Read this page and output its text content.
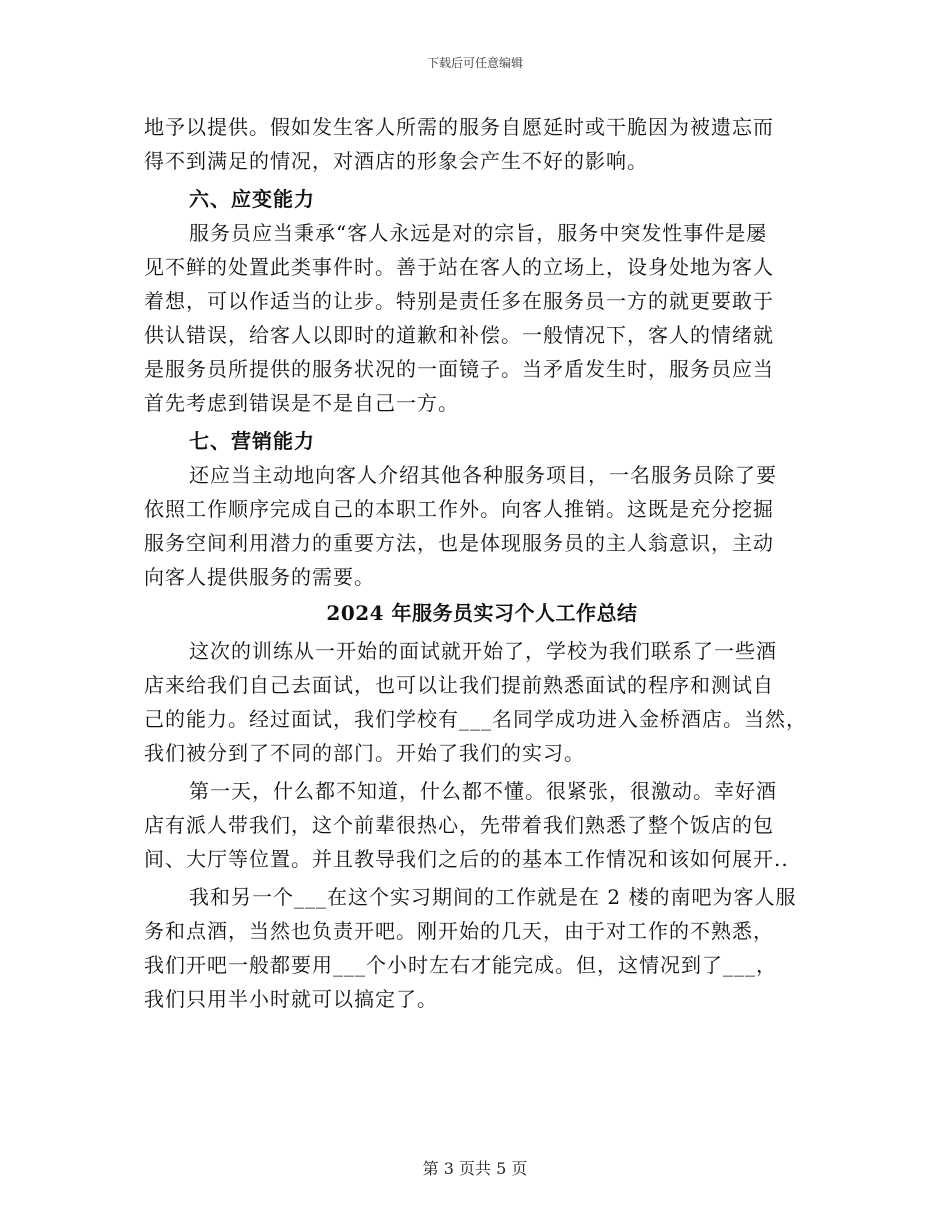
下载后可任意编辑
地予以提供。假如发生客人所需的服务自愿延时或干脆因为被遗忘而
得不到满足的情况，对酒店的形象会产生不好的影响。
六、应变能力
服务员应当秉承“客人永远是对的宗旨，服务中突发性事件是屡
见不鲜的处置此类事件时。善于站在客人的立场上，设身处地为客人
着想，可以作适当的让步。特别是责任多在服务员一方的就更要敢于
供认错误，给客人以即时的道歉和补偿。一般情况下，客人的情绪就
是服务员所提供的服务状况的一面镜子。当矛盾发生时，服务员应当
首先考虑到错误是不是自己一方。
七、营销能力
还应当主动地向客人介绍其他各种服务项目，一名服务员除了要
依照工作顺序完成自己的本职工作外。向客人推销。这既是充分挖掘
服务空间利用潜力的重要方法，也是体现服务员的主人翁意识，主动
向客人提供服务的需要。
2024 年服务员实习个人工作总结
这次的训练从一开始的面试就开始了，学校为我们联系了一些酒
店来给我们自己去面试，也可以让我们提前熟悉面试的程序和测试自
己的能力。经过面试，我们学校有___名同学成功进入金桥酒店。当然，
我们被分到了不同的部门。开始了我们的实习。
第一天，什么都不知道，什么都不懂。很紧张，很激动。幸好酒
店有派人带我们，这个前辈很热心，先带着我们熟悉了整个饭店的包
间、大厅等位置。并且教导我们之后的的基本工作情况和该如何展开..
我和另一个___在这个实习期间的工作就是在 2 楼的南吧为客人服
务和点酒，当然也负责开吧。刚开始的几天，由于对工作的不熟悉，
我们开吧一般都要用___个小时左右才能完成。但，这情况到了___，
我们只用半小时就可以搞定了。
第 3 页共 5 页
